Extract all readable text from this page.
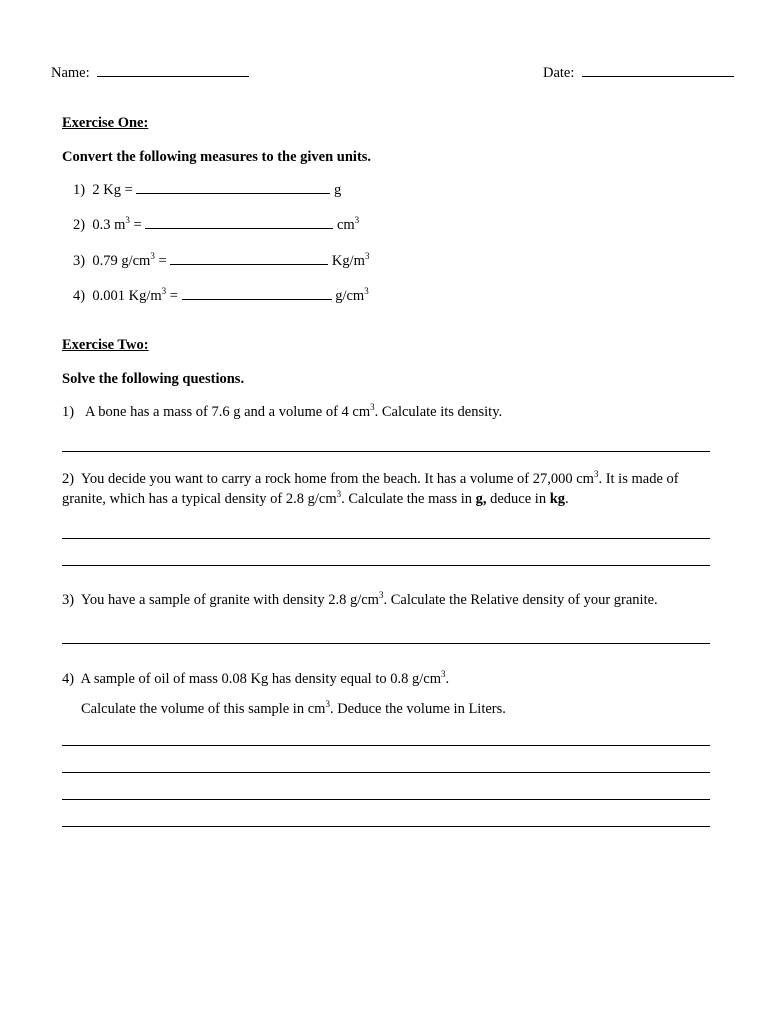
Name:	Date:
Exercise One:
Convert the following measures to the given units.
1) 2 Kg =	g
2) 0.3 $m^3$ =	$cm^3$
3) 0.79 $g/cm^3$ =	$Kg/m^3$
4) 0.001 $Kg/m^3$ =	$g/cm^3$
Exercise Two:
Solve the following questions.
1) A bone has a mass of 7.6 g and a volume of 4 $cm^3$. Calculate its density.
2) You decide you want to carry a rock home from the beach. It has a volume of 27,000 $cm^3$. It is made of granite, which has a typical density of 2.8 $g/cm^3$. Calculate the mass in g, deduce in kg.
3) You have a sample of granite with density 2.8 $g/cm^3$. Calculate the Relative density of your granite.
4) A sample of oil of mass 0.08 Kg has density equal to 0.8 $g/cm^3$.
Calculate the volume of this sample in $cm^3$. Deduce the volume in Liters.
